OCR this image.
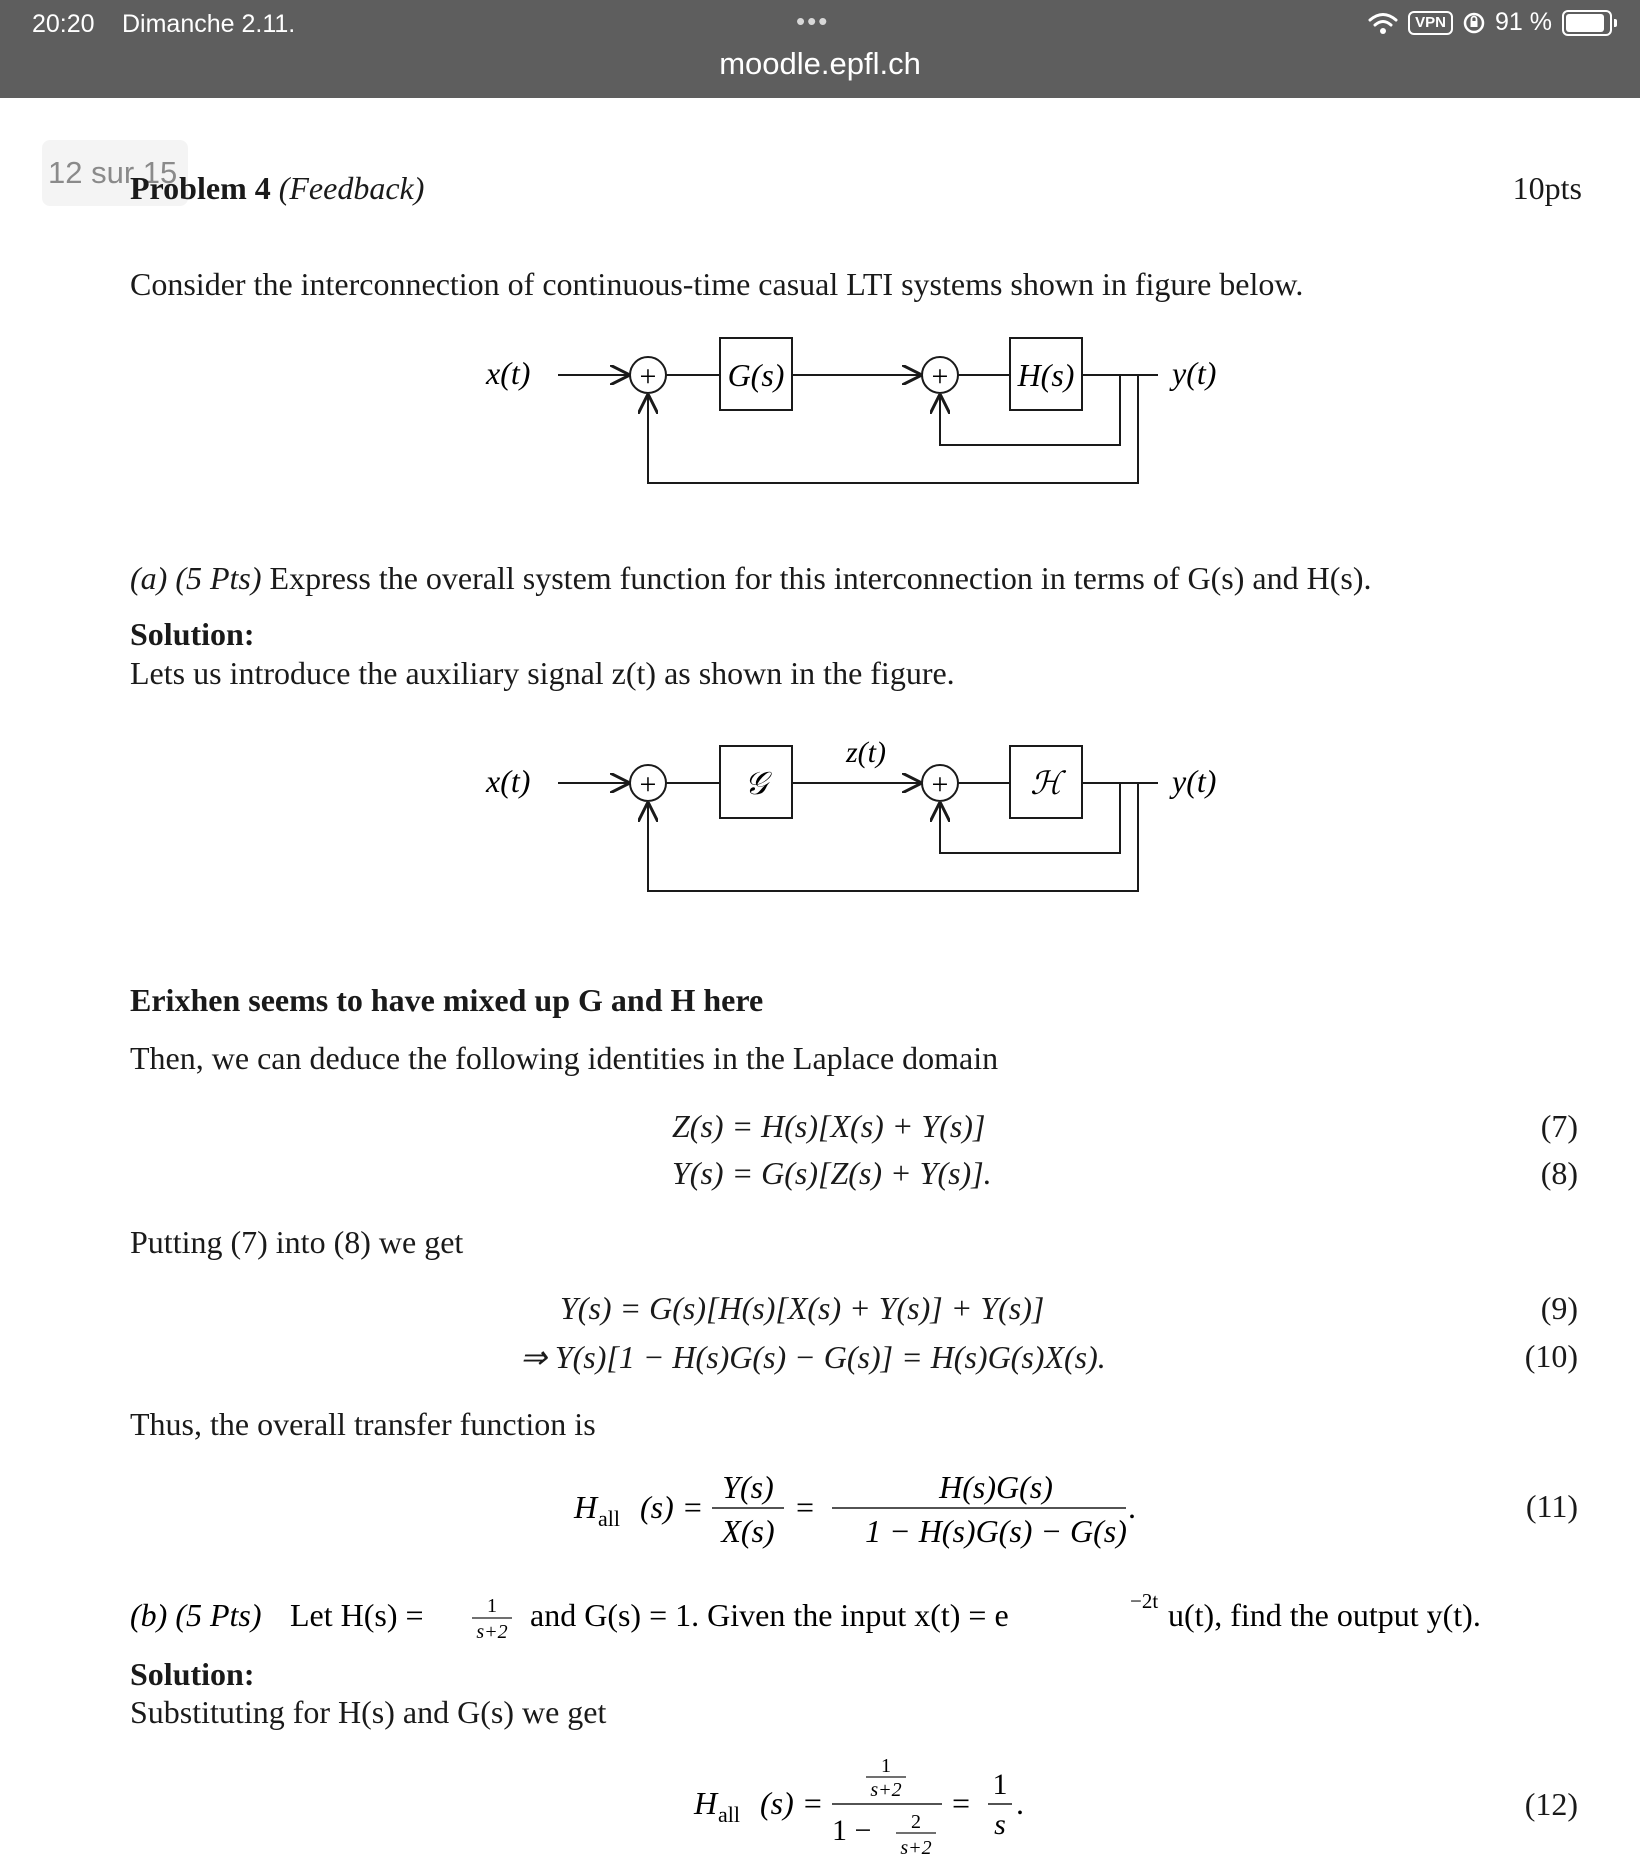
20:20 Dimanche 2.11.	•••
moodle.epfl.ch
VPN 91 %
12 sur 15
Problem 4 (Feedback)	10pts
Consider the interconnection of continuous-time casual LTI systems shown in figure below.
x(t)	+ G(s)	+ H(s)	y(t)
(a) (5 Pts) Express the overall system function for this interconnection in terms of G(s) and H(s).
Solution:
Lets us introduce the auxiliary signal z(t) as shown in the figure.
x(t)	+	𝒢
z(t)
+	ℋ	y(t)
Erixhen seems to have mixed up G and H here
Then, we can deduce the following identities in the Laplace domain
Z(s) = H(s)[X(s) + Y(s)]	(7)
Y(s) = G(s)[Z(s) + Y(s)].	(8)
Putting (7) into (8) we get
Y(s) = G(s)[H(s)[X(s) + Y(s)] + Y(s)]	(9)
⇒ Y(s)[1 − H(s)G(s) − G(s)] = H(s)G(s)X(s).	(10)
Thus, the overall transfer function is
H all (s) =
Y(s)
X(s)
=
H(s)G(s)
1 − H(s)G(s) − G(s)
.	(11)
(b) (5 Pts) Let H(s) =	1
s+2 and G(s) = 1. Given the input x(t) = e	−2t u(t), find the output y(t).
Solution:
Substituting for H(s) and G(s) we get
H all (s) =
1
s+2
1 − 2
s+2
=
1
s
.	(12)
